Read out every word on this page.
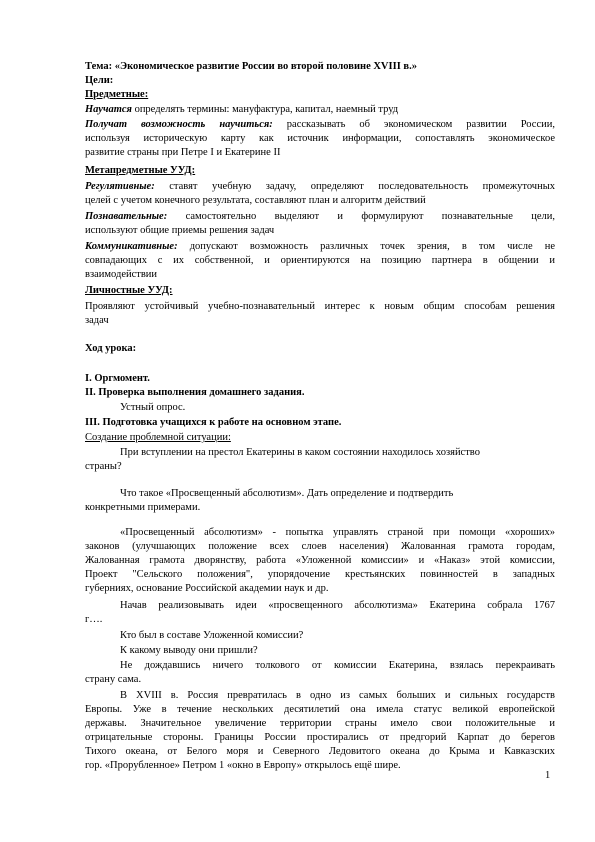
Тема: «Экономическое развитие России во второй половине XVIII в.»
Цели:
Предметные:
Научатся определять термины: мануфактура, капитал, наемный труд
Получат возможность научиться: рассказывать об экономическом развитии России,
используя историческую карту как источник информации, сопоставлять экономическое
развитие страны при Петре I и Екатерине II
Метапредметные УУД:
Регулятивные: ставят учебную задачу, определяют последовательность промежуточных
целей с учетом конечного результата, составляют план и алгоритм действий
Познавательные: самостоятельно выделяют и формулируют познавательные цели,
используют общие приемы решения задач
Коммуникативные: допускают возможность различных точек зрения, в том числе не
совпадающих с их собственной, и ориентируются на позицию партнера в общении и
взаимодействии
Личностные УУД:
Проявляют устойчивый учебно-познавательный интерес к новым общим способам решения
задач
Ход урока:
I. Оргмомент.
II. Проверка выполнения домашнего задания.
Устный опрос.
III. Подготовка учащихся к работе на основном этапе.
Создание проблемной ситуации:
При вступлении на престол Екатерины в каком состоянии находилось хозяйство
страны?
Что такое «Просвещенный абсолютизм». Дать определение и подтвердить
конкретными примерами.
«Просвещенный абсолютизм» - попытка управлять страной при помощи «хороших»
законов (улучшающих положение всех слоев населения) Жалованная грамота городам,
Жалованная грамота дворянству, работа «Уложенной комиссии» и «Наказ» этой комиссии,
Проект "Сельского положения", упорядочение крестьянских повинностей в западных
губерниях, основание Российской академии наук и др.
Начав реализовывать идеи «просвещенного абсолютизма» Екатерина собрала 1767
г….
Кто был в составе Уложенной комиссии?
К какому выводу они пришли?
Не дождавшись ничего толкового от комиссии Екатерина, взялась перекраивать
страну сама.
В XVIII в. Россия превратилась в одно из самых больших и сильных государств
Европы. Уже в течение нескольких десятилетий она имела статус великой европейской
державы. Значительное увеличение территории страны имело свои положительные и
отрицательные стороны. Границы России простирались от предгорий Карпат до берегов
Тихого океана, от Белого моря и Северного Ледовитого океана до Крыма и Кавказских
гор. «Прорубленное» Петром 1 «окно в Европу» открылось ещё шире.
1
